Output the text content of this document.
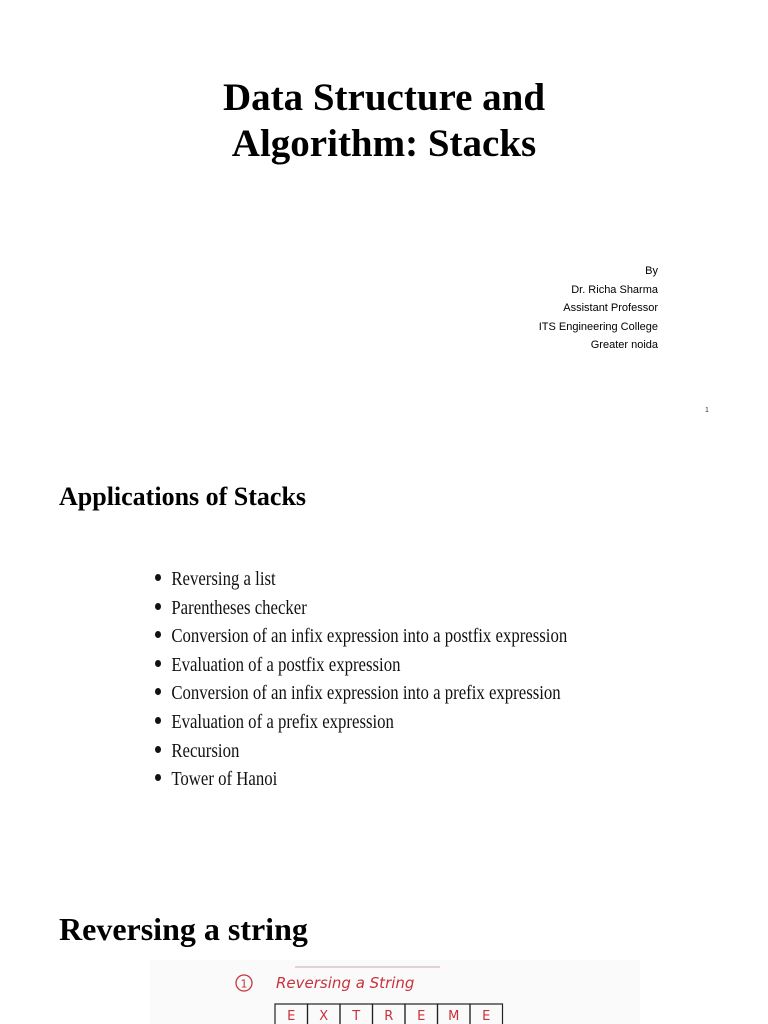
Data Structure and
Algorithm: Stacks
By
Dr. Richa Sharma
Assistant Professor
ITS Engineering College
Greater noida
1
Applications of Stacks
Reversing a list
Parentheses checker
Conversion of an infix expression into a postfix expression
Evaluation of a postfix expression
Conversion of an infix expression into a prefix expression
Evaluation of a prefix expression
Recursion
Tower of Hanoi
Reversing a string
1 Reversing a String
E X T R E M E
